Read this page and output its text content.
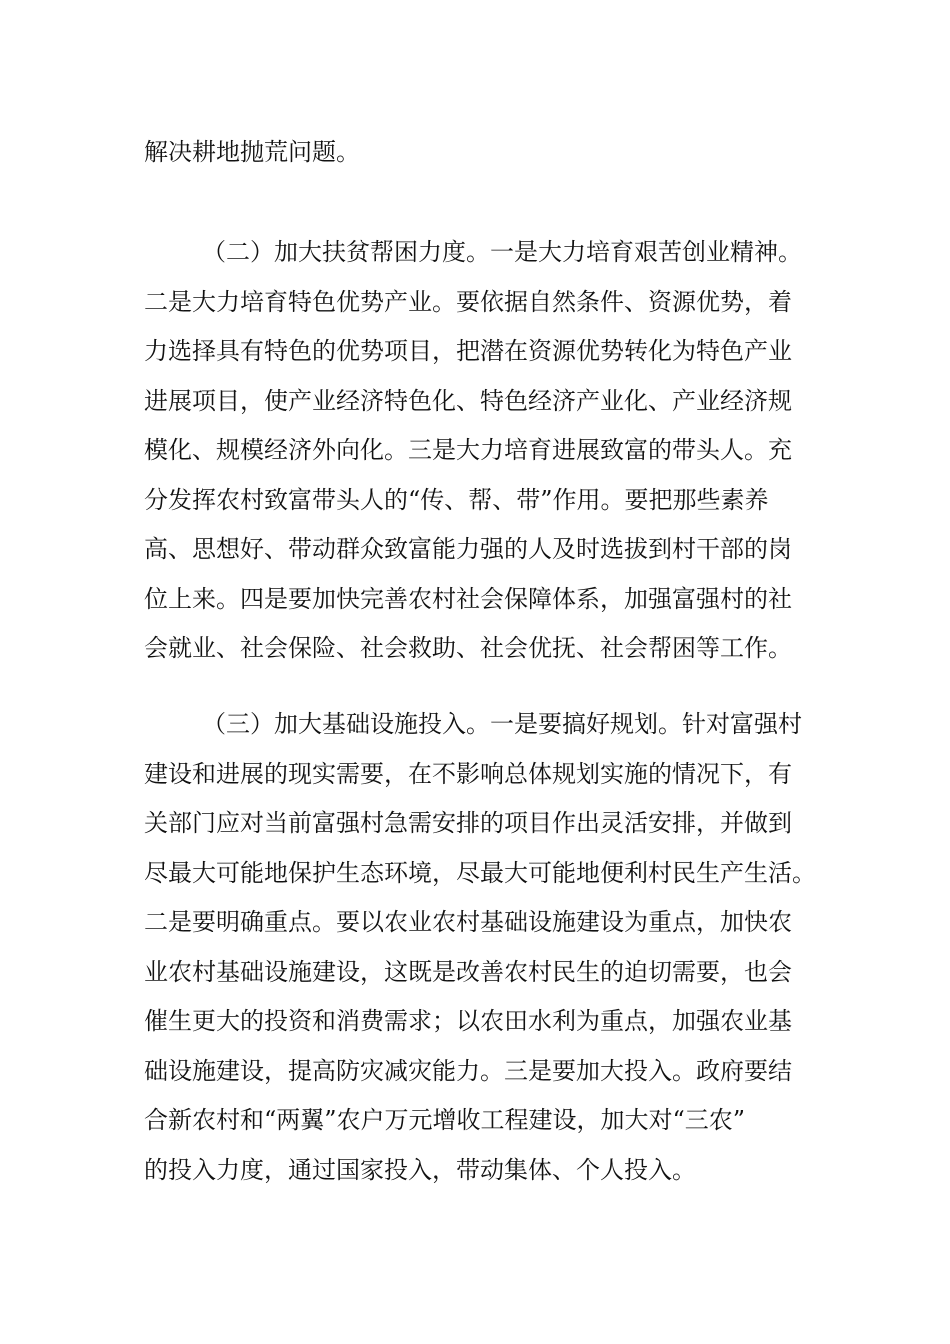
解决耕地抛荒问题。
（二）加大扶贫帮困力度。一是大力培育艰苦创业精神。
二是大力培育特色优势产业。要依据自然条件、资源优势，着
力选择具有特色的优势项目，把潜在资源优势转化为特色产业
进展项目，使产业经济特色化、特色经济产业化、产业经济规
模化、规模经济外向化。三是大力培育进展致富的带头人。充
分发挥农村致富带头人的“传、帮、带”作用。要把那些素养
高、思想好、带动群众致富能力强的人及时选拔到村干部的岗
位上来。四是要加快完善农村社会保障体系，加强富强村的社
会就业、社会保险、社会救助、社会优抚、社会帮困等工作。
（三）加大基础设施投入。一是要搞好规划。针对富强村
建设和进展的现实需要，在不影响总体规划实施的情况下，有
关部门应对当前富强村急需安排的项目作出灵活安排，并做到
尽最大可能地保护生态环境，尽最大可能地便利村民生产生活。
二是要明确重点。要以农业农村基础设施建设为重点，加快农
业农村基础设施建设，这既是改善农村民生的迫切需要，也会
催生更大的投资和消费需求；以农田水利为重点，加强农业基
础设施建设，提高防灾减灾能力。三是要加大投入。政府要结
合新农村和“两翼”农户万元增收工程建设，加大对“三农”
的投入力度，通过国家投入，带动集体、个人投入。
